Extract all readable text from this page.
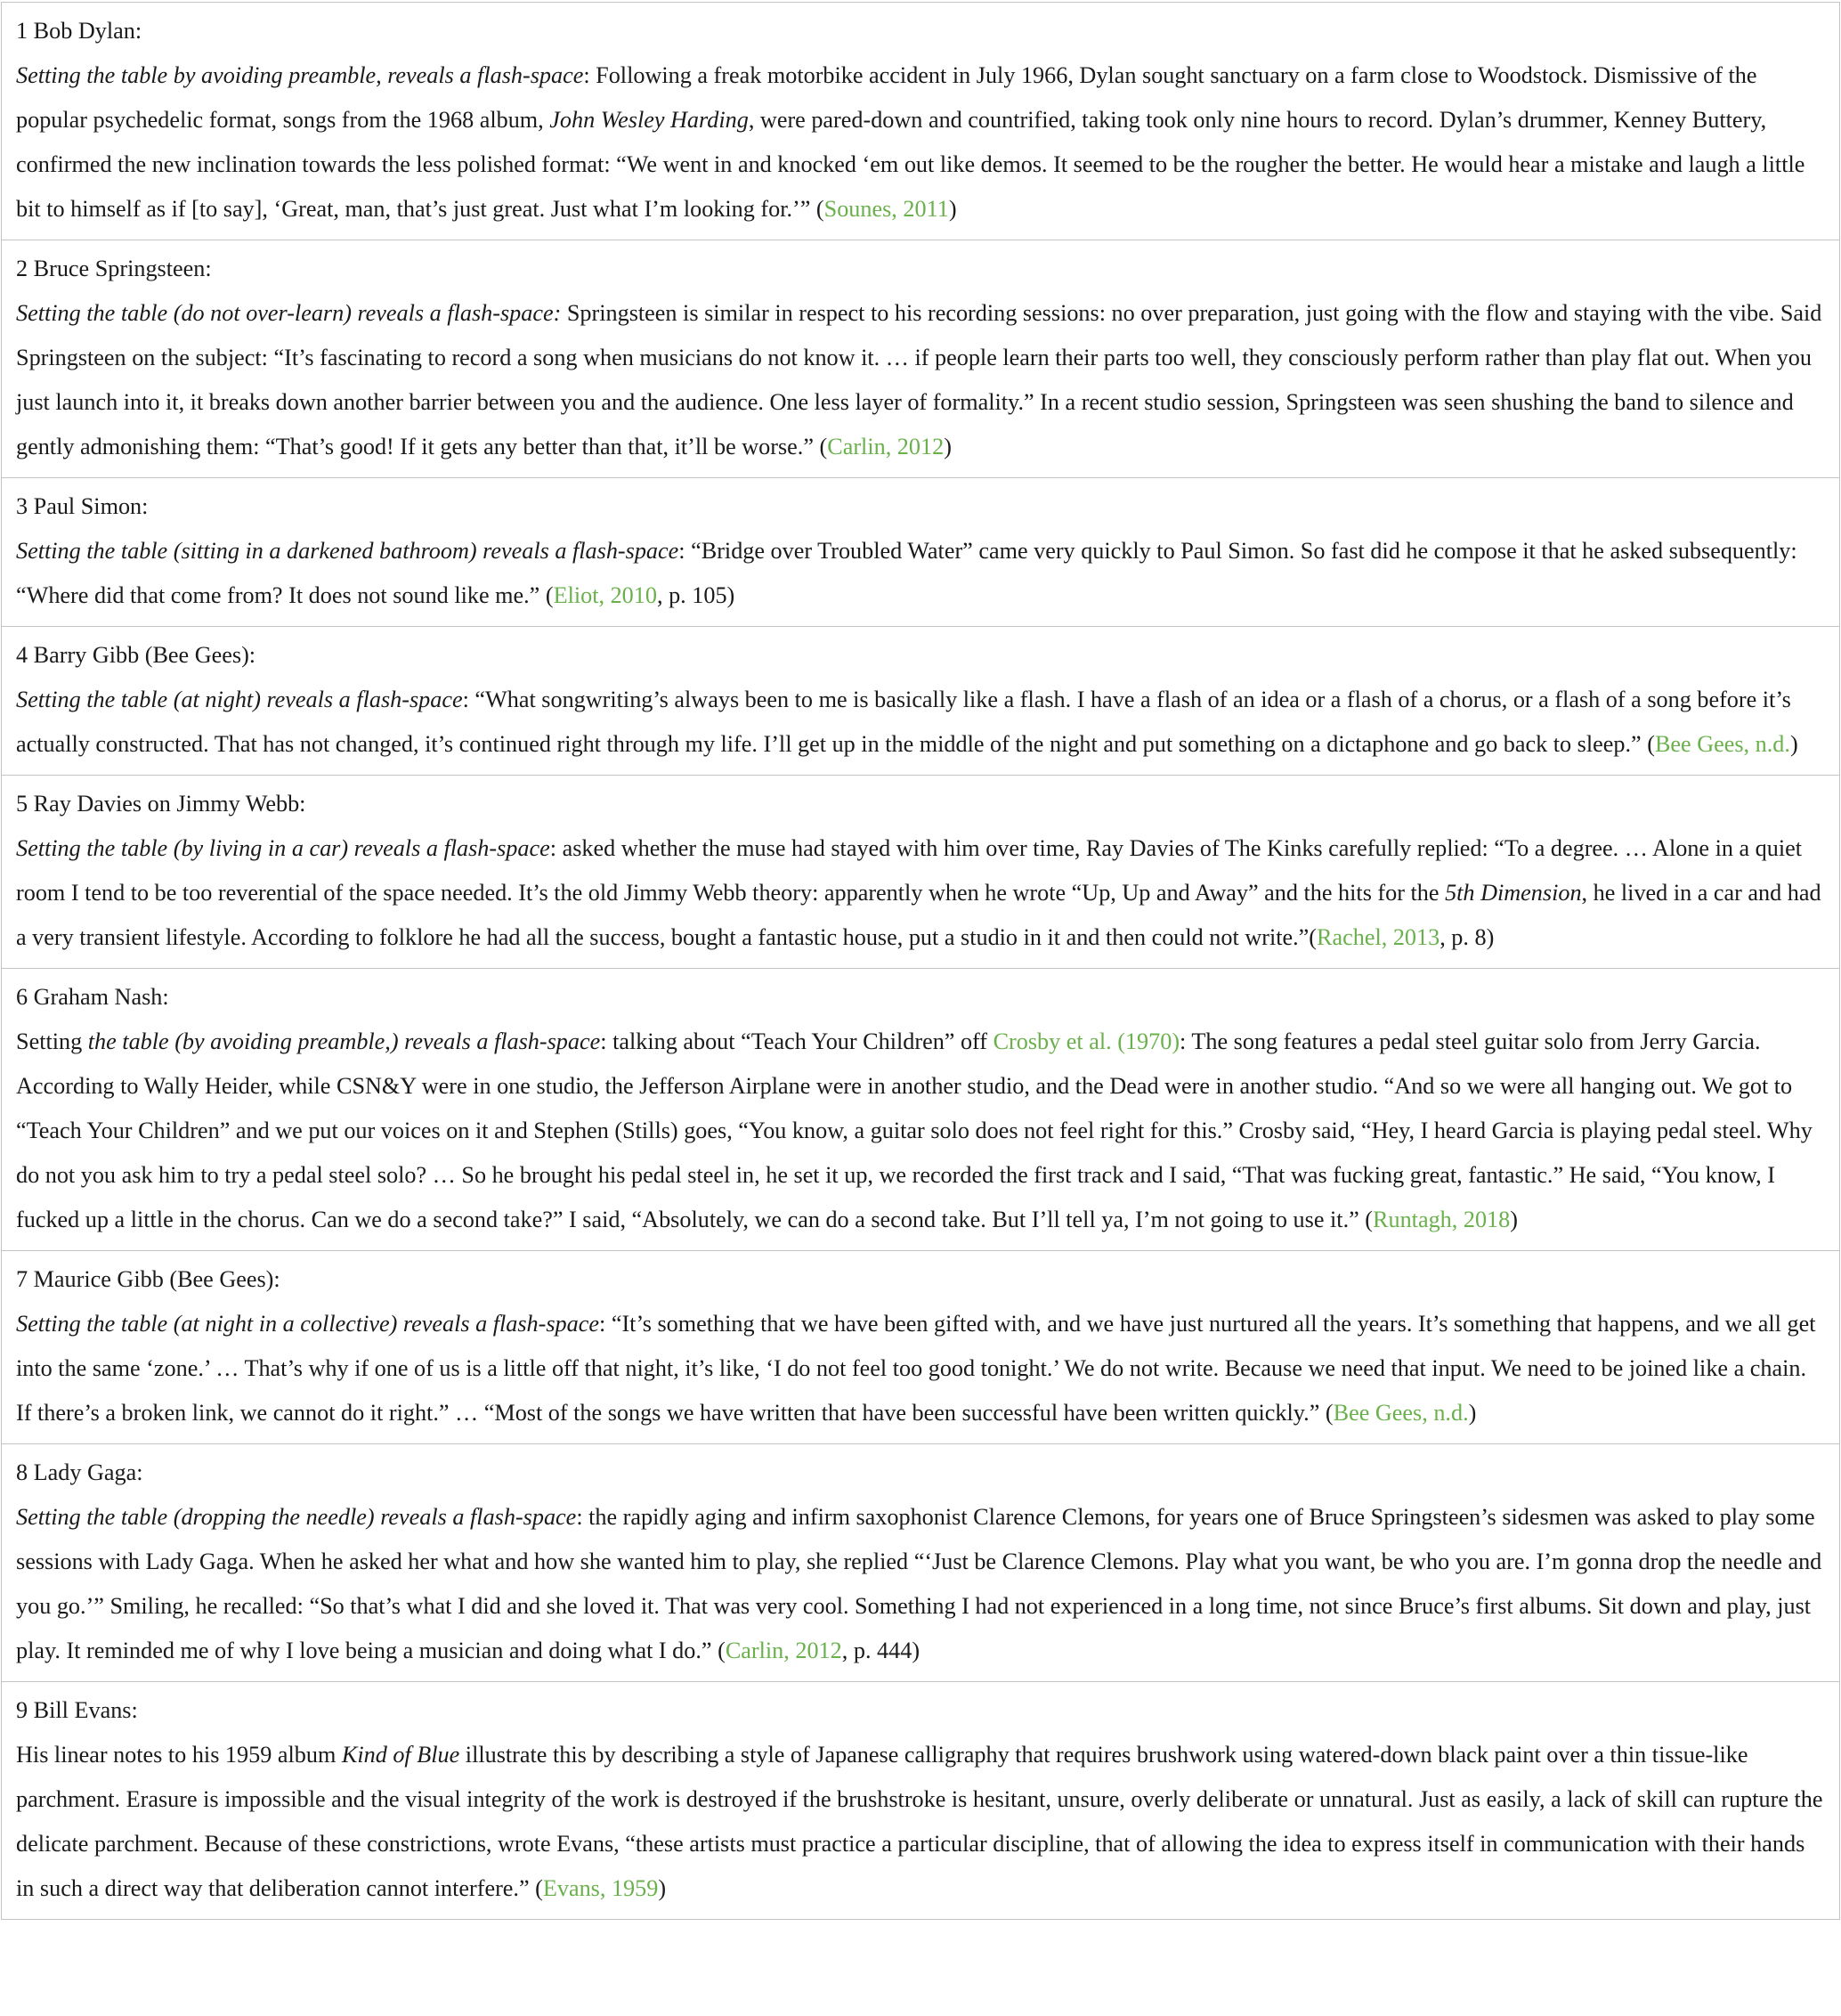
1 Bob Dylan:
Setting the table by avoiding preamble, reveals a flash-space: Following a freak motorbike accident in July 1966, Dylan sought sanctuary on a farm close to Woodstock. Dismissive of the popular psychedelic format, songs from the 1968 album, John Wesley Harding, were pared-down and countrified, taking took only nine hours to record. Dylan’s drummer, Kenney Buttery, confirmed the new inclination towards the less polished format: “We went in and knocked ‘em out like demos. It seemed to be the rougher the better. He would hear a mistake and laugh a little bit to himself as if [to say], ‘Great, man, that’s just great. Just what I’m looking for.’” (Sounes, 2011)

2 Bruce Springsteen:
Setting the table (do not over-learn) reveals a flash-space: Springsteen is similar in respect to his recording sessions: no over preparation, just going with the flow and staying with the vibe. Said Springsteen on the subject: “It’s fascinating to record a song when musicians do not know it. … if people learn their parts too well, they consciously perform rather than play flat out. When you just launch into it, it breaks down another barrier between you and the audience. One less layer of formality.” In a recent studio session, Springsteen was seen shushing the band to silence and gently admonishing them: “That’s good! If it gets any better than that, it’ll be worse.” (Carlin, 2012)

3 Paul Simon:
Setting the table (sitting in a darkened bathroom) reveals a flash-space: “Bridge over Troubled Water” came very quickly to Paul Simon. So fast did he compose it that he asked subsequently: “Where did that come from? It does not sound like me.” (Eliot, 2010, p. 105)

4 Barry Gibb (Bee Gees):
Setting the table (at night) reveals a flash-space: “What songwriting’s always been to me is basically like a flash. I have a flash of an idea or a flash of a chorus, or a flash of a song before it’s actually constructed. That has not changed, it’s continued right through my life. I’ll get up in the middle of the night and put something on a dictaphone and go back to sleep.” (Bee Gees, n.d.)

5 Ray Davies on Jimmy Webb:
Setting the table (by living in a car) reveals a flash-space: asked whether the muse had stayed with him over time, Ray Davies of The Kinks carefully replied: “To a degree. … Alone in a quiet room I tend to be too reverential of the space needed. It’s the old Jimmy Webb theory: apparently when he wrote “Up, Up and Away” and the hits for the 5th Dimension, he lived in a car and had a very transient lifestyle. According to folklore he had all the success, bought a fantastic house, put a studio in it and then could not write.”(Rachel, 2013, p. 8)

6 Graham Nash:
Setting the table (by avoiding preamble,) reveals a flash-space: talking about “Teach Your Children” off Crosby et al. (1970): The song features a pedal steel guitar solo from Jerry Garcia. According to Wally Heider, while CSN&Y were in one studio, the Jefferson Airplane were in another studio, and the Dead were in another studio. “And so we were all hanging out. We got to “Teach Your Children” and we put our voices on it and Stephen (Stills) goes, “You know, a guitar solo does not feel right for this.” Crosby said, “Hey, I heard Garcia is playing pedal steel. Why do not you ask him to try a pedal steel solo? … So he brought his pedal steel in, he set it up, we recorded the first track and I said, “That was fucking great, fantastic.” He said, “You know, I fucked up a little in the chorus. Can we do a second take?” I said, “Absolutely, we can do a second take. But I’ll tell ya, I’m not going to use it.” (Runtagh, 2018)

7 Maurice Gibb (Bee Gees):
Setting the table (at night in a collective) reveals a flash-space: “It’s something that we have been gifted with, and we have just nurtured all the years. It’s something that happens, and we all get into the same ‘zone.’ … That’s why if one of us is a little off that night, it’s like, ‘I do not feel too good tonight.’ We do not write. Because we need that input. We need to be joined like a chain. If there’s a broken link, we cannot do it right.” … “Most of the songs we have written that have been successful have been written quickly.” (Bee Gees, n.d.)

8 Lady Gaga:
Setting the table (dropping the needle) reveals a flash-space: the rapidly aging and infirm saxophonist Clarence Clemons, for years one of Bruce Springsteen’s sidesmen was asked to play some sessions with Lady Gaga. When he asked her what and how she wanted him to play, she replied “‘Just be Clarence Clemons. Play what you want, be who you are. I’m gonna drop the needle and you go.’” Smiling, he recalled: “So that’s what I did and she loved it. That was very cool. Something I had not experienced in a long time, not since Bruce’s first albums. Sit down and play, just play. It reminded me of why I love being a musician and doing what I do.” (Carlin, 2012, p. 444)

9 Bill Evans:
His linear notes to his 1959 album Kind of Blue illustrate this by describing a style of Japanese calligraphy that requires brushwork using watered-down black paint over a thin tissue-like parchment. Erasure is impossible and the visual integrity of the work is destroyed if the brushstroke is hesitant, unsure, overly deliberate or unnatural. Just as easily, a lack of skill can rupture the delicate parchment. Because of these constrictions, wrote Evans, “these artists must practice a particular discipline, that of allowing the idea to express itself in communication with their hands in such a direct way that deliberation cannot interfere.” (Evans, 1959)
